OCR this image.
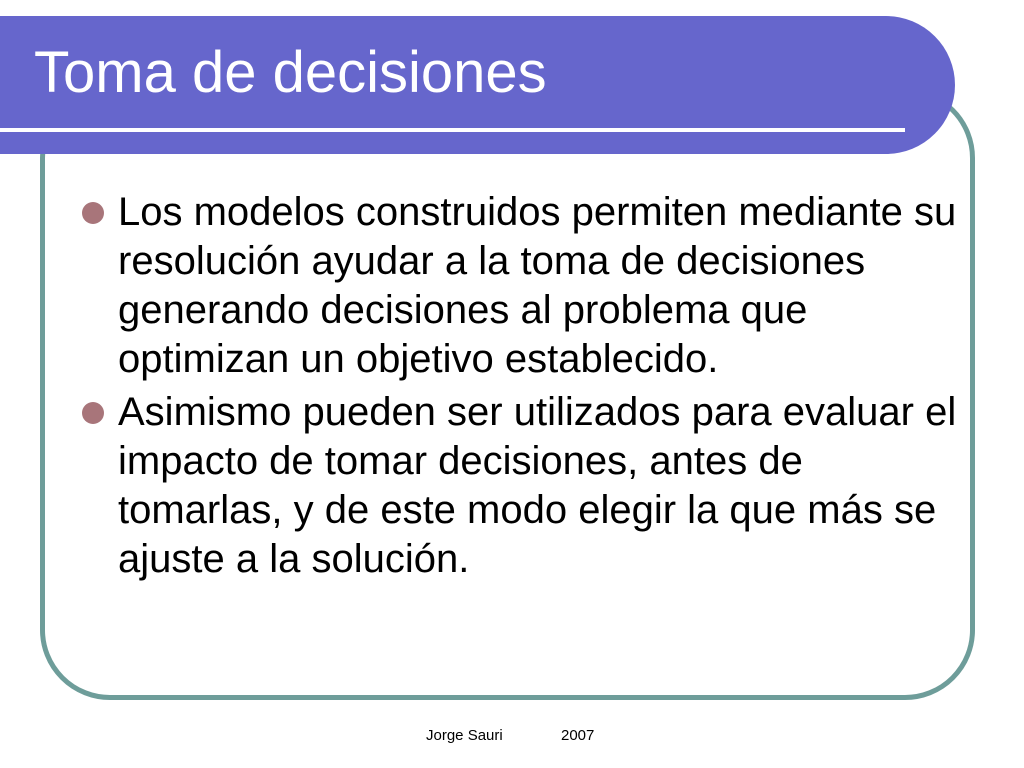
Toma de decisiones
Los modelos construidos permiten mediante su resolución ayudar a la toma de decisiones generando decisiones al problema que optimizan un objetivo establecido.
Asimismo pueden ser utilizados para evaluar el impacto de tomar decisiones, antes de tomarlas, y de este modo elegir la que más se ajuste a la solución.
Jorge Sauri	2007
